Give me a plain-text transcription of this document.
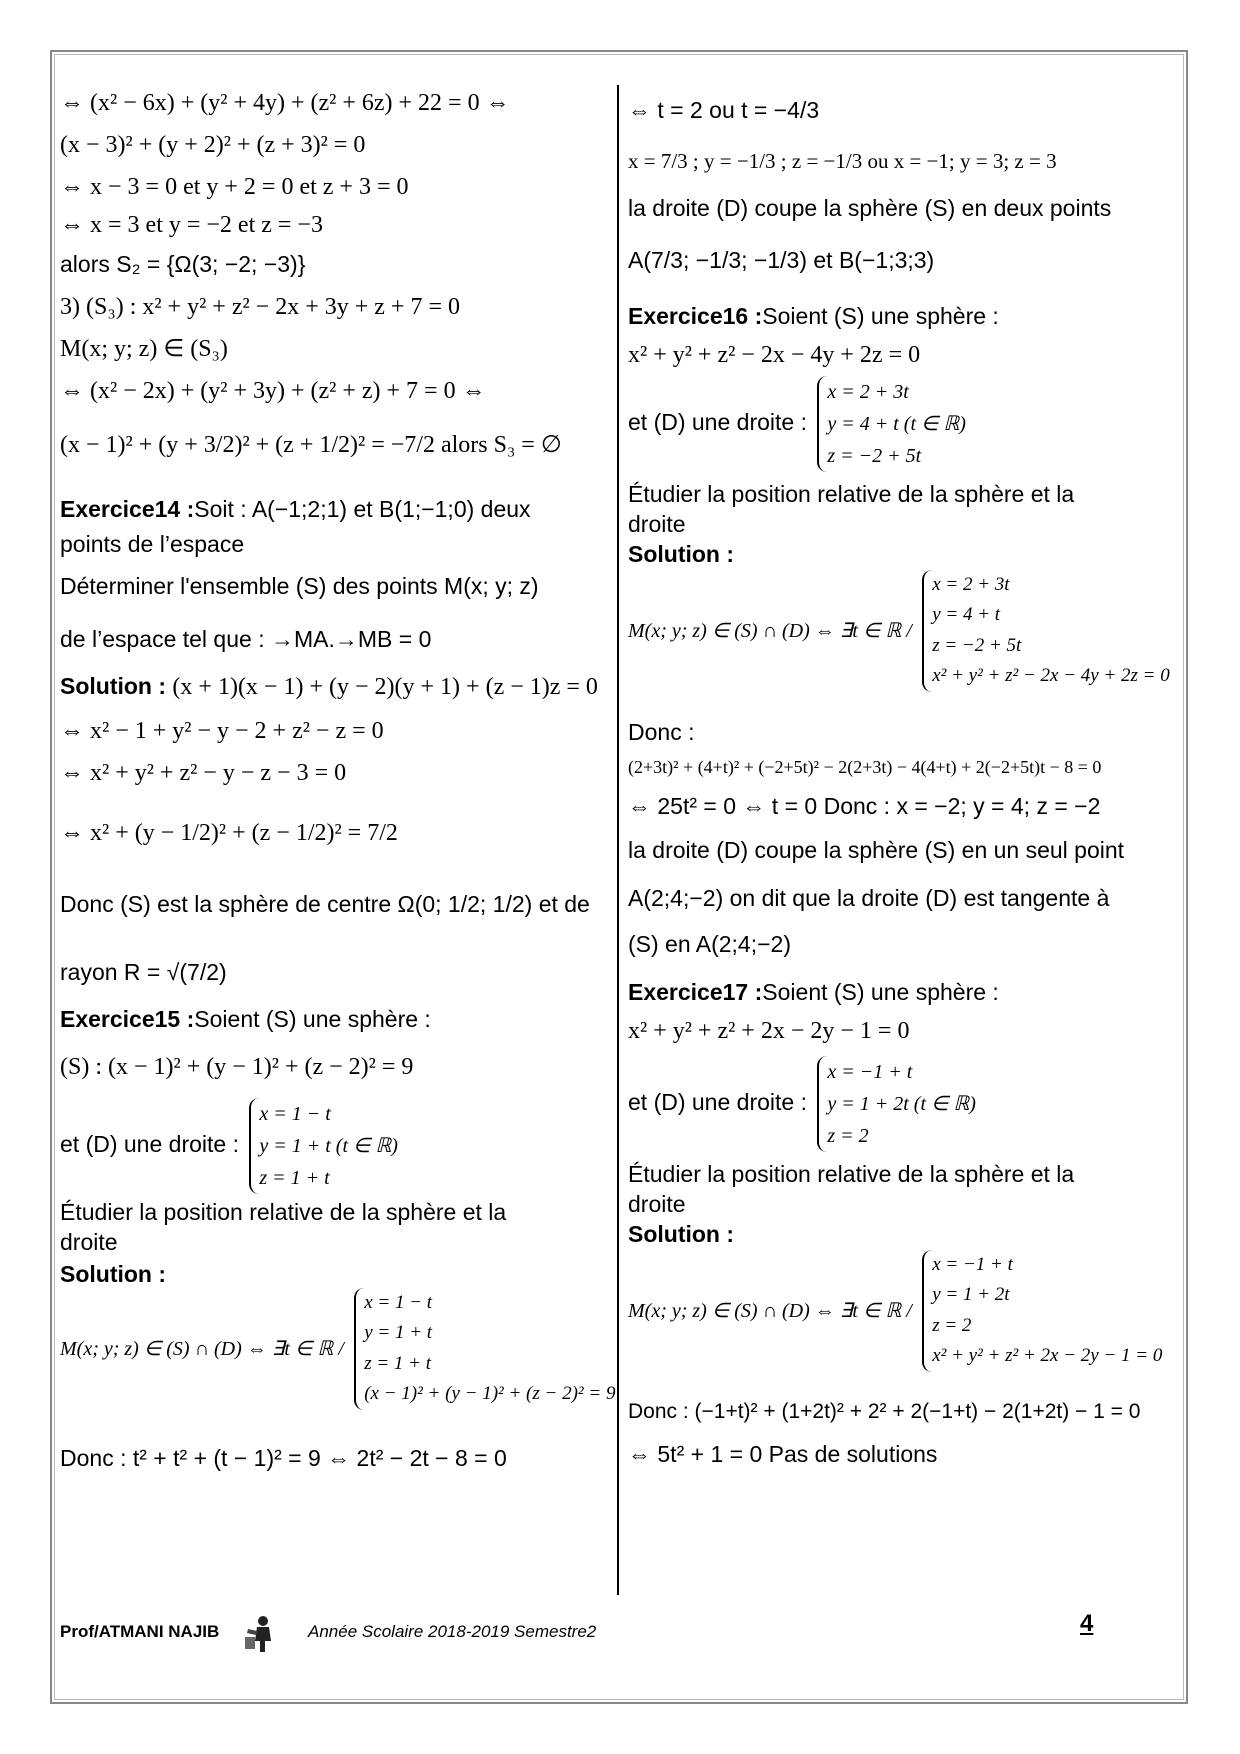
⇔ (x² − 6x) + (y² + 4y) + (z² + 6z) + 22 = 0 ⇔
(x − 3)² + (y + 2)² + (z + 3)² = 0
⇔ x − 3 = 0 et y + 2 = 0 et z + 3 = 0
⇔ x = 3 et y = −2 et z = −3
alors S₂ = {Ω(3; −2; −3)}
3) (S₃) : x² + y² + z² − 2x + 3y + z + 7 = 0
M(x; y; z) ∈ (S₃)
⇔ (x² − 2x) + (y² + 3y) + (z² + z) + 7 = 0 ⇔
(x − 1)² + (y + 3/2)² + (z + 1/2)² = −7/2 alors S₃ = ∅
Exercice14 :Soit : A(−1;2;1) et B(1;−1;0) deux
points de l’espace
Déterminer l'ensemble (S) des points M(x; y; z)
de l’espace tel que : →MA.→MB = 0
Solution : (x + 1)(x − 1) + (y − 2)(y + 1) + (z − 1)z = 0
⇔ x² − 1 + y² − y − 2 + z² − z = 0
⇔ x² + y² + z² − y − z − 3 = 0
⇔ x² + (y − 1/2)² + (z − 1/2)² = 7/2
Donc (S) est la sphère de centre Ω(0; 1/2; 1/2) et de
rayon R = √(7/2)
Exercice15 :Soient (S) une sphère :
(S) : (x − 1)² + (y − 1)² + (z − 2)² = 9
et (D) une droite :
x = 1 − t
y = 1 + t (t ∈ ℝ)
z = 1 + t
Étudier la position relative de la sphère et la
droite
Solution :
M(x; y; z) ∈ (S) ∩ (D) ⇔ ∃t ∈ ℝ /
x = 1 − t
y = 1 + t
z = 1 + t
(x − 1)² + (y − 1)² + (z − 2)² = 9
Donc : t² + t² + (t − 1)² = 9 ⇔ 2t² − 2t − 8 = 0
⇔ t = 2 ou t = −4/3
x = 7/3 ; y = −1/3 ; z = −1/3 ou x = −1; y = 3; z = 3
la droite (D) coupe la sphère (S) en deux points
A(7/3; −1/3; −1/3) et B(−1;3;3)
Exercice16 :Soient (S) une sphère :
x² + y² + z² − 2x − 4y + 2z = 0
et (D) une droite :
x = 2 + 3t
y = 4 + t (t ∈ ℝ)
z = −2 + 5t
Étudier la position relative de la sphère et la
droite
Solution :
M(x; y; z) ∈ (S) ∩ (D) ⇔ ∃t ∈ ℝ /
x = 2 + 3t
y = 4 + t
z = −2 + 5t
x² + y² + z² − 2x − 4y + 2z = 0
Donc :
(2+3t)² + (4+t)² + (−2+5t)² − 2(2+3t) − 4(4+t) + 2(−2+5t)t − 8 = 0
⇔ 25t² = 0 ⇔ t = 0 Donc : x = −2; y = 4; z = −2
la droite (D) coupe la sphère (S) en un seul point
A(2;4;−2) on dit que la droite (D) est tangente à
(S) en A(2;4;−2)
Exercice17 :Soient (S) une sphère :
x² + y² + z² + 2x − 2y − 1 = 0
et (D) une droite :
x = −1 + t
y = 1 + 2t (t ∈ ℝ)
z = 2
Étudier la position relative de la sphère et la
droite
Solution :
M(x; y; z) ∈ (S) ∩ (D) ⇔ ∃t ∈ ℝ /
x = −1 + t
y = 1 + 2t
z = 2
x² + y² + z² + 2x − 2y − 1 = 0
Donc : (−1+t)² + (1+2t)² + 2² + 2(−1+t) − 2(1+2t) − 1 = 0
⇔ 5t² + 1 = 0 Pas de solutions
Prof/ATMANI NAJIB	Année Scolaire 2018-2019 Semestre2	4
